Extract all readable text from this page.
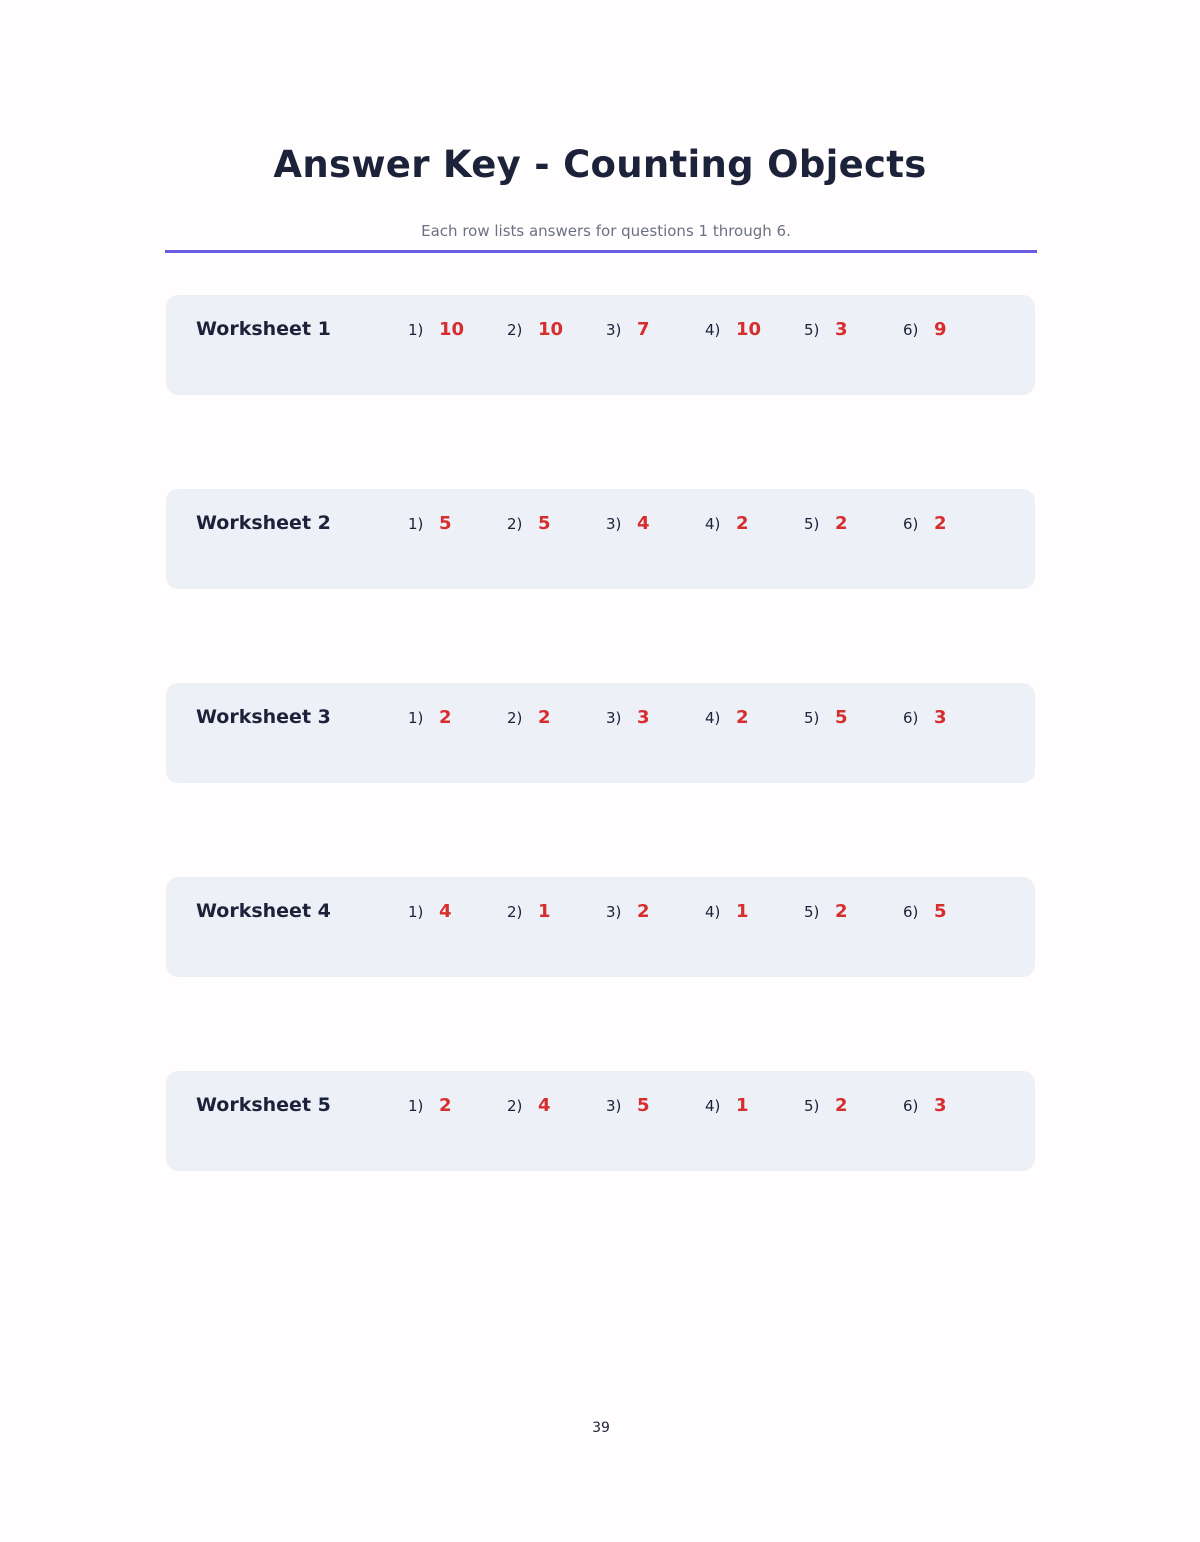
Answer Key - Counting Objects
Each row lists answers for questions 1 through 6.
Worksheet 1	1) 10	2) 10	3) 7	4) 10	5) 3	6) 9
Worksheet 2	1) 5	2) 5	3) 4	4) 2	5) 2	6) 2
Worksheet 3	1) 2	2) 2	3) 3	4) 2	5) 5	6) 3
Worksheet 4	1) 4	2) 1	3) 2	4) 1	5) 2	6) 5
Worksheet 5	1) 2	2) 4	3) 5	4) 1	5) 2	6) 3
39
